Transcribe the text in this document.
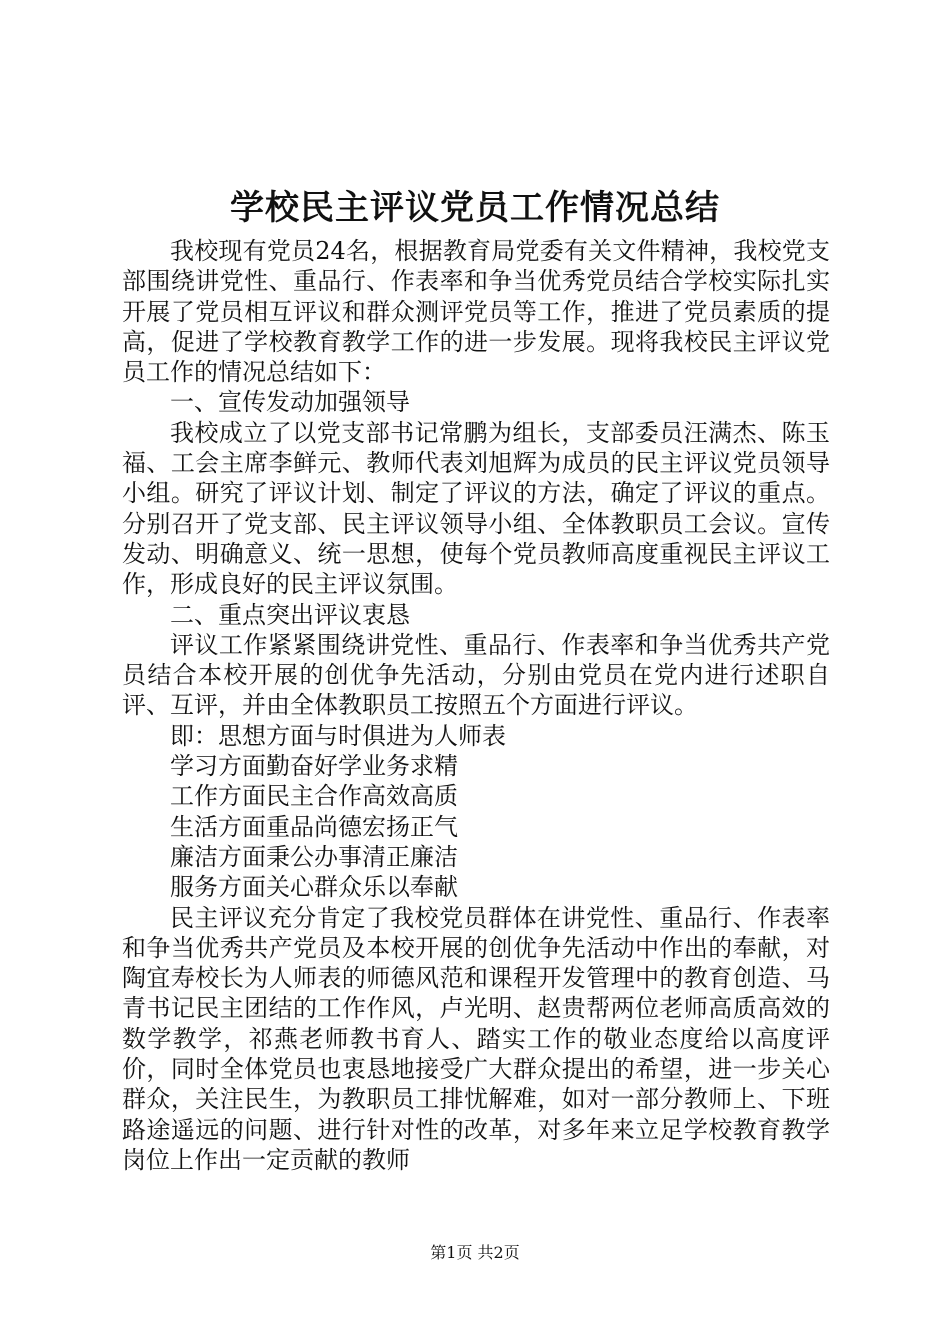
学校民主评议党员工作情况总结

我校现有党员24名，根据教育局党委有关文件精神，我校党支部围绕讲党性、重品行、作表率和争当优秀党员结合学校实际扎实开展了党员相互评议和群众测评党员等工作，推进了党员素质的提高，促进了学校教育教学工作的进一步发展。现将我校民主评议党员工作的情况总结如下：

一、宣传发动加强领导

我校成立了以党支部书记常鹏为组长，支部委员汪满杰、陈玉福、工会主席李鲜元、教师代表刘旭辉为成员的民主评议党员领导小组。研究了评议计划、制定了评议的方法，确定了评议的重点。分别召开了党支部、民主评议领导小组、全体教职员工会议。宣传发动、明确意义、统一思想，使每个党员教师高度重视民主评议工作，形成良好的民主评议氛围。

二、重点突出评议衷恳

评议工作紧紧围绕讲党性、重品行、作表率和争当优秀共产党员结合本校开展的创优争先活动，分别由党员在党内进行述职自评、互评，并由全体教职员工按照五个方面进行评议。

即：思想方面与时俱进为人师表

学习方面勤奋好学业务求精

工作方面民主合作高效高质

生活方面重品尚德宏扬正气

廉洁方面秉公办事清正廉洁

服务方面关心群众乐以奉献

民主评议充分肯定了我校党员群体在讲党性、重品行、作表率和争当优秀共产党员及本校开展的创优争先活动中作出的奉献，对陶宜寿校长为人师表的师德风范和课程开发管理中的教育创造、马青书记民主团结的工作作风，卢光明、赵贵帮两位老师高质高效的数学教学，祁燕老师教书育人、踏实工作的敬业态度给以高度评价，同时全体党员也衷恳地接受广大群众提出的希望，进一步关心群众，关注民生，为教职员工排忧解难，如对一部分教师上、下班路途遥远的问题、进行针对性的改革，对多年来立足学校教育教学岗位上作出一定贡献的教师

第1页 共2页
